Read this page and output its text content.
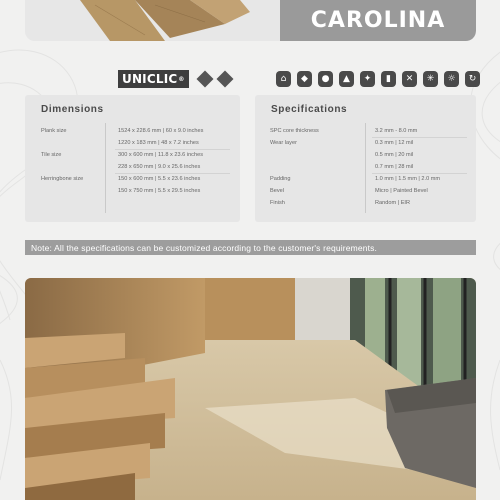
CAROLINA
UNICLIC ®	⌂	◆	●	▲	✦	▮	✕	✳	☼	↻
Dimensions
Plank size	1524 x 228.6 mm | 60 x 9.0 inches
1220 x 183 mm | 48 x 7.2 inches
Tile size	300 x 600 mm | 11.8 x 23.6 inches
228 x 650 mm | 9.0 x 25.6 inches
Herringbone size	150 x 600 mm | 5.5 x 23.6 inches
150 x 750 mm | 5.5 x 29.5 inches
Specifications
SPC core thickness	3.2 mm - 8.0 mm
Wear layer	0.3 mm | 12 mil
0.5 mm | 20 mil
0.7 mm | 28 mil
Padding	1.0 mm | 1.5 mm | 2.0 mm
Bevel	Micro | Painted Bevel
Finish	Random | EIR
Note: All the specifications can be customized according to the customer's requirements.
